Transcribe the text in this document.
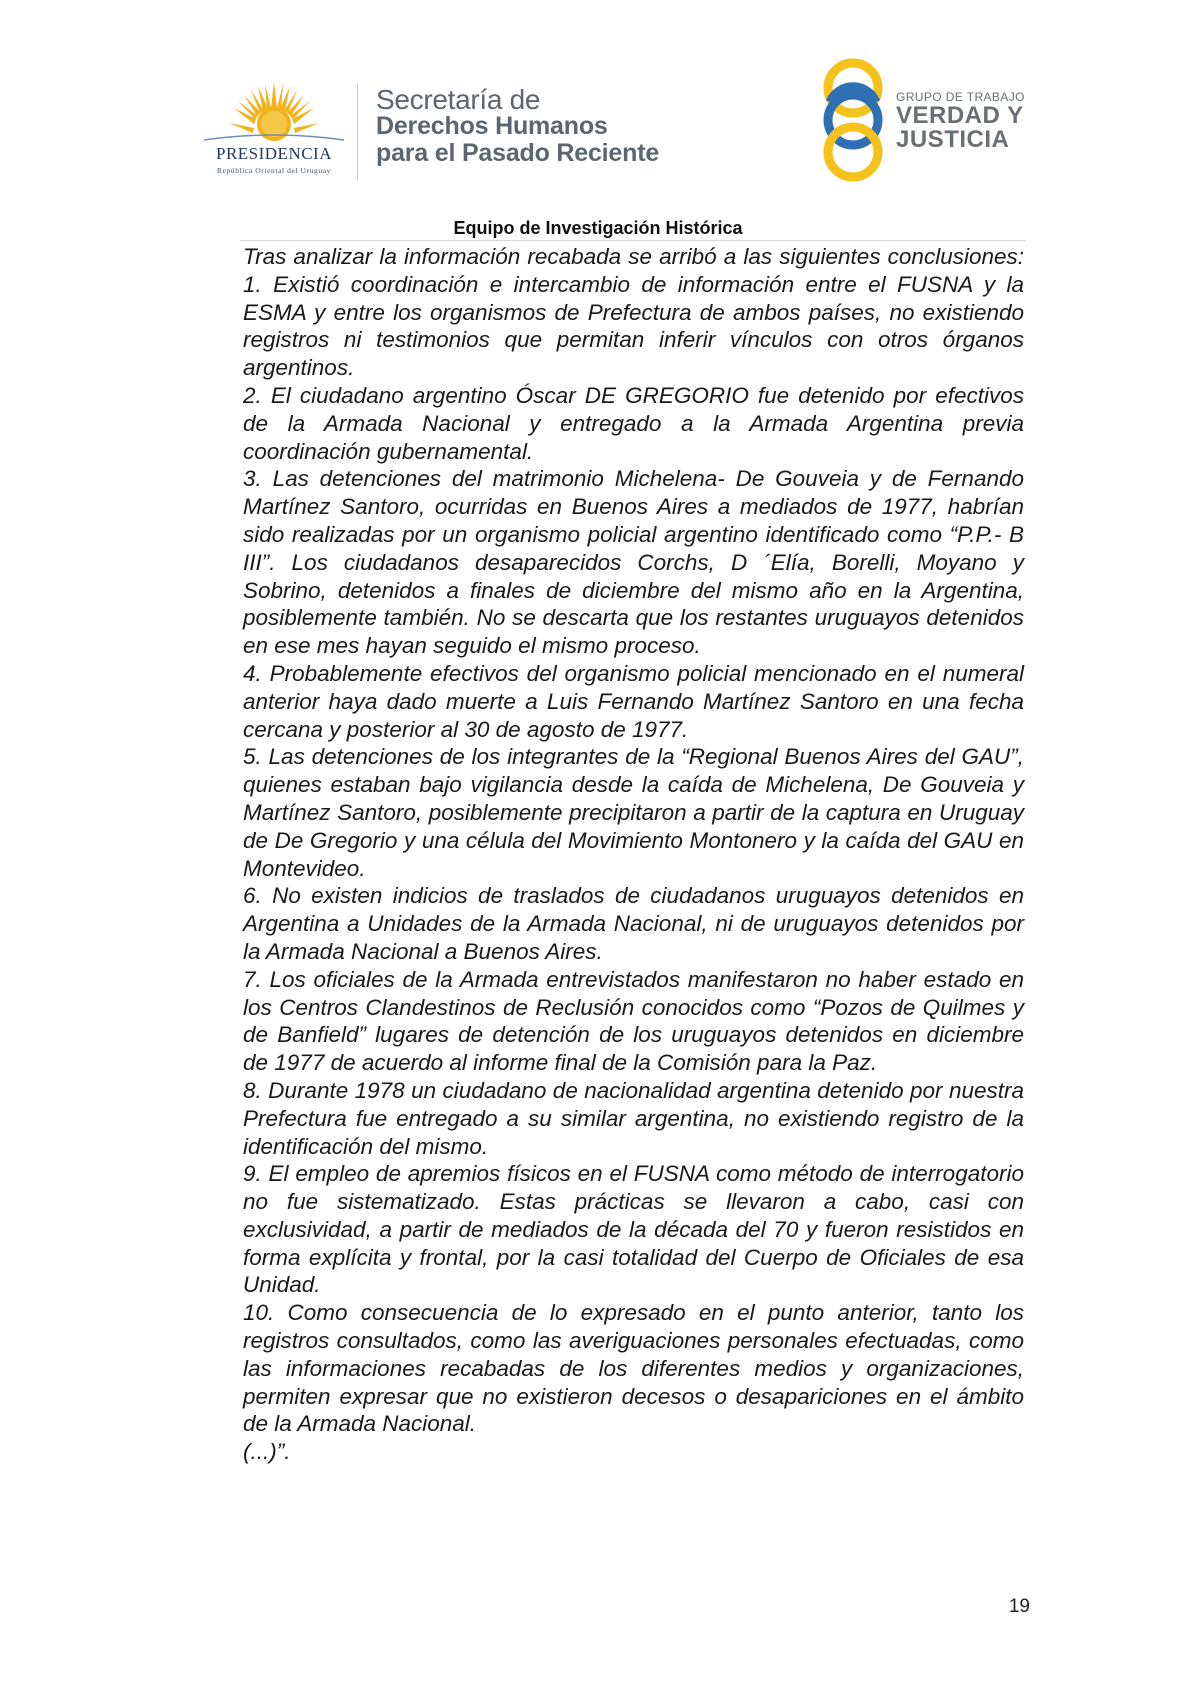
PRESIDENCIA
República Oriental del Uruguay
Secretaría de
Derechos Humanos
para el Pasado Reciente
GRUPO DE TRABAJO
VERDAD Y
JUSTICIA
Equipo de Investigación Histórica

Tras analizar la información recabada se arribó a las siguientes conclusiones: 1. Existió coordinación e intercambio de información entre el FUSNA y la ESMA y entre los organismos de Prefectura de ambos países, no existiendo registros ni testimonios que permitan inferir vínculos con otros órganos argentinos.

2. El ciudadano argentino Óscar DE GREGORIO fue detenido por efectivos de la Armada Nacional y entregado a la Armada Argentina previa coordinación gubernamental.

3. Las detenciones del matrimonio Michelena- De Gouveia y de Fernando Martínez Santoro, ocurridas en Buenos Aires a mediados de 1977, habrían sido realizadas por un organismo policial argentino identificado como “P.P.- B III”. Los ciudadanos desaparecidos Corchs, D ´Elía, Borelli, Moyano y Sobrino, detenidos a finales de diciembre del mismo año en la Argentina, posiblemente también. No se descarta que los restantes uruguayos detenidos en ese mes hayan seguido el mismo proceso.

4. Probablemente efectivos del organismo policial mencionado en el numeral anterior haya dado muerte a Luis Fernando Martínez Santoro en una fecha cercana y posterior al 30 de agosto de 1977.

5. Las detenciones de los integrantes de la “Regional Buenos Aires del GAU”, quienes estaban bajo vigilancia desde la caída de Michelena, De Gouveia y Martínez Santoro, posiblemente precipitaron a partir de la captura en Uruguay de De Gregorio y una célula del Movimiento Montonero y la caída del GAU en Montevideo.

6. No existen indicios de traslados de ciudadanos uruguayos detenidos en Argentina a Unidades de la Armada Nacional, ni de uruguayos detenidos por la Armada Nacional a Buenos Aires.

7. Los oficiales de la Armada entrevistados manifestaron no haber estado en los Centros Clandestinos de Reclusión conocidos como “Pozos de Quilmes y de Banfield” lugares de detención de los uruguayos detenidos en diciembre de 1977 de acuerdo al informe final de la Comisión para la Paz.

8. Durante 1978 un ciudadano de nacionalidad argentina detenido por nuestra Prefectura fue entregado a su similar argentina, no existiendo registro de la identificación del mismo.

9. El empleo de apremios físicos en el FUSNA como método de interrogatorio no fue sistematizado. Estas prácticas se llevaron a cabo, casi con exclusividad, a partir de mediados de la década del 70 y fueron resistidos en forma explícita y frontal, por la casi totalidad del Cuerpo de Oficiales de esa Unidad.

10. Como consecuencia de lo expresado en el punto anterior, tanto los registros consultados, como las averiguaciones personales efectuadas, como las informaciones recabadas de los diferentes medios y organizaciones, permiten expresar que no existieron decesos o desapariciones en el ámbito de la Armada Nacional.

(...)”.

19
